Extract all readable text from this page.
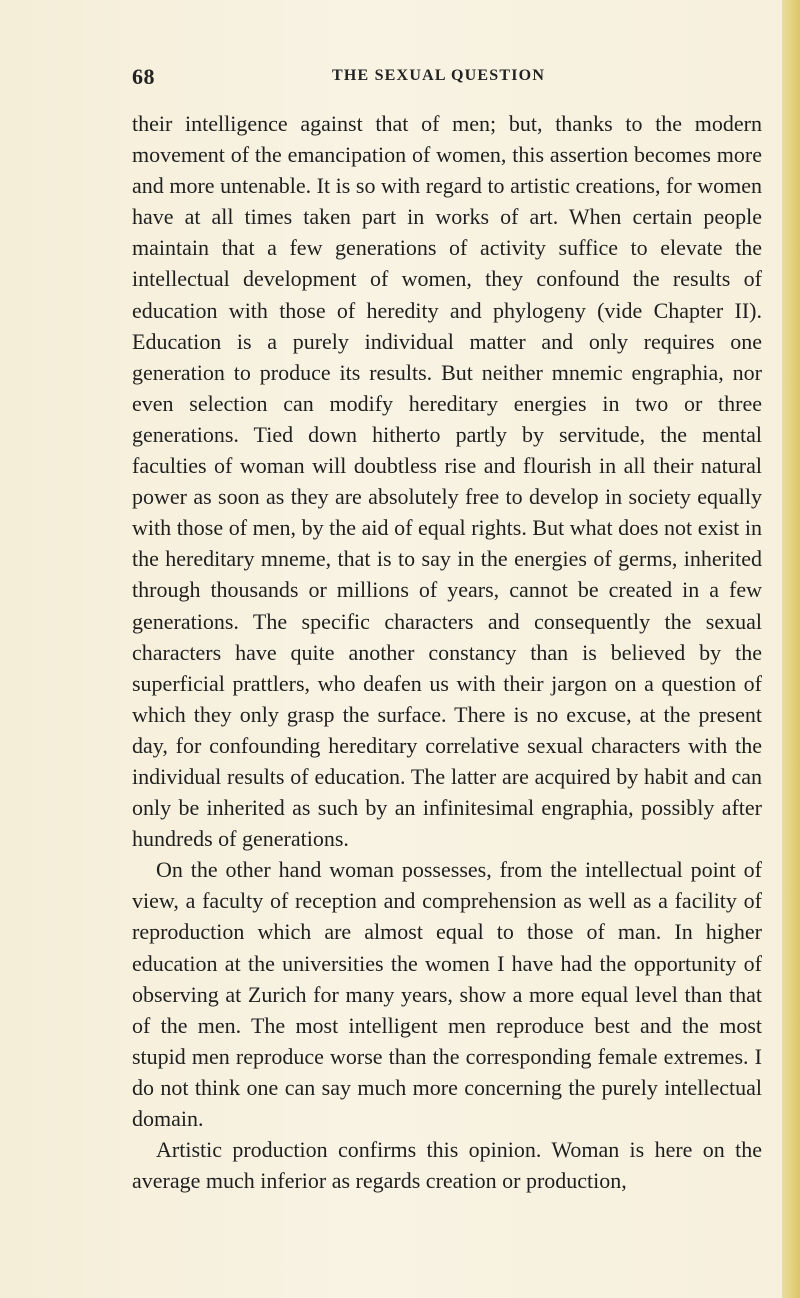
68	THE SEXUAL QUESTION

their intelligence against that of men; but, thanks to the modern movement of the emancipation of women, this assertion becomes more and more untenable. It is so with regard to artistic creations, for women have at all times taken part in works of art. When certain people maintain that a few generations of activity suffice to elevate the intellectual development of women, they confound the results of education with those of heredity and phylogeny (vide Chapter II). Education is a purely individual matter and only requires one generation to produce its results. But neither mnemic engraphia, nor even selection can modify hereditary energies in two or three generations. Tied down hitherto partly by servitude, the mental faculties of woman will doubtless rise and flourish in all their natural power as soon as they are absolutely free to develop in society equally with those of men, by the aid of equal rights. But what does not exist in the hereditary mneme, that is to say in the energies of germs, inherited through thousands or millions of years, cannot be created in a few generations. The specific characters and consequently the sexual characters have quite another constancy than is believed by the superficial prattlers, who deafen us with their jargon on a question of which they only grasp the surface. There is no excuse, at the present day, for confounding hereditary correlative sexual characters with the individual results of education. The latter are acquired by habit and can only be inherited as such by an infinitesimal engraphia, possibly after hundreds of generations.

On the other hand woman possesses, from the intellectual point of view, a faculty of reception and comprehension as well as a facility of reproduction which are almost equal to those of man. In higher education at the universities the women I have had the opportunity of observing at Zurich for many years, show a more equal level than that of the men. The most intelligent men reproduce best and the most stupid men reproduce worse than the corresponding female extremes. I do not think one can say much more concerning the purely intellectual domain.

Artistic production confirms this opinion. Woman is here on the average much inferior as regards creation or production,
